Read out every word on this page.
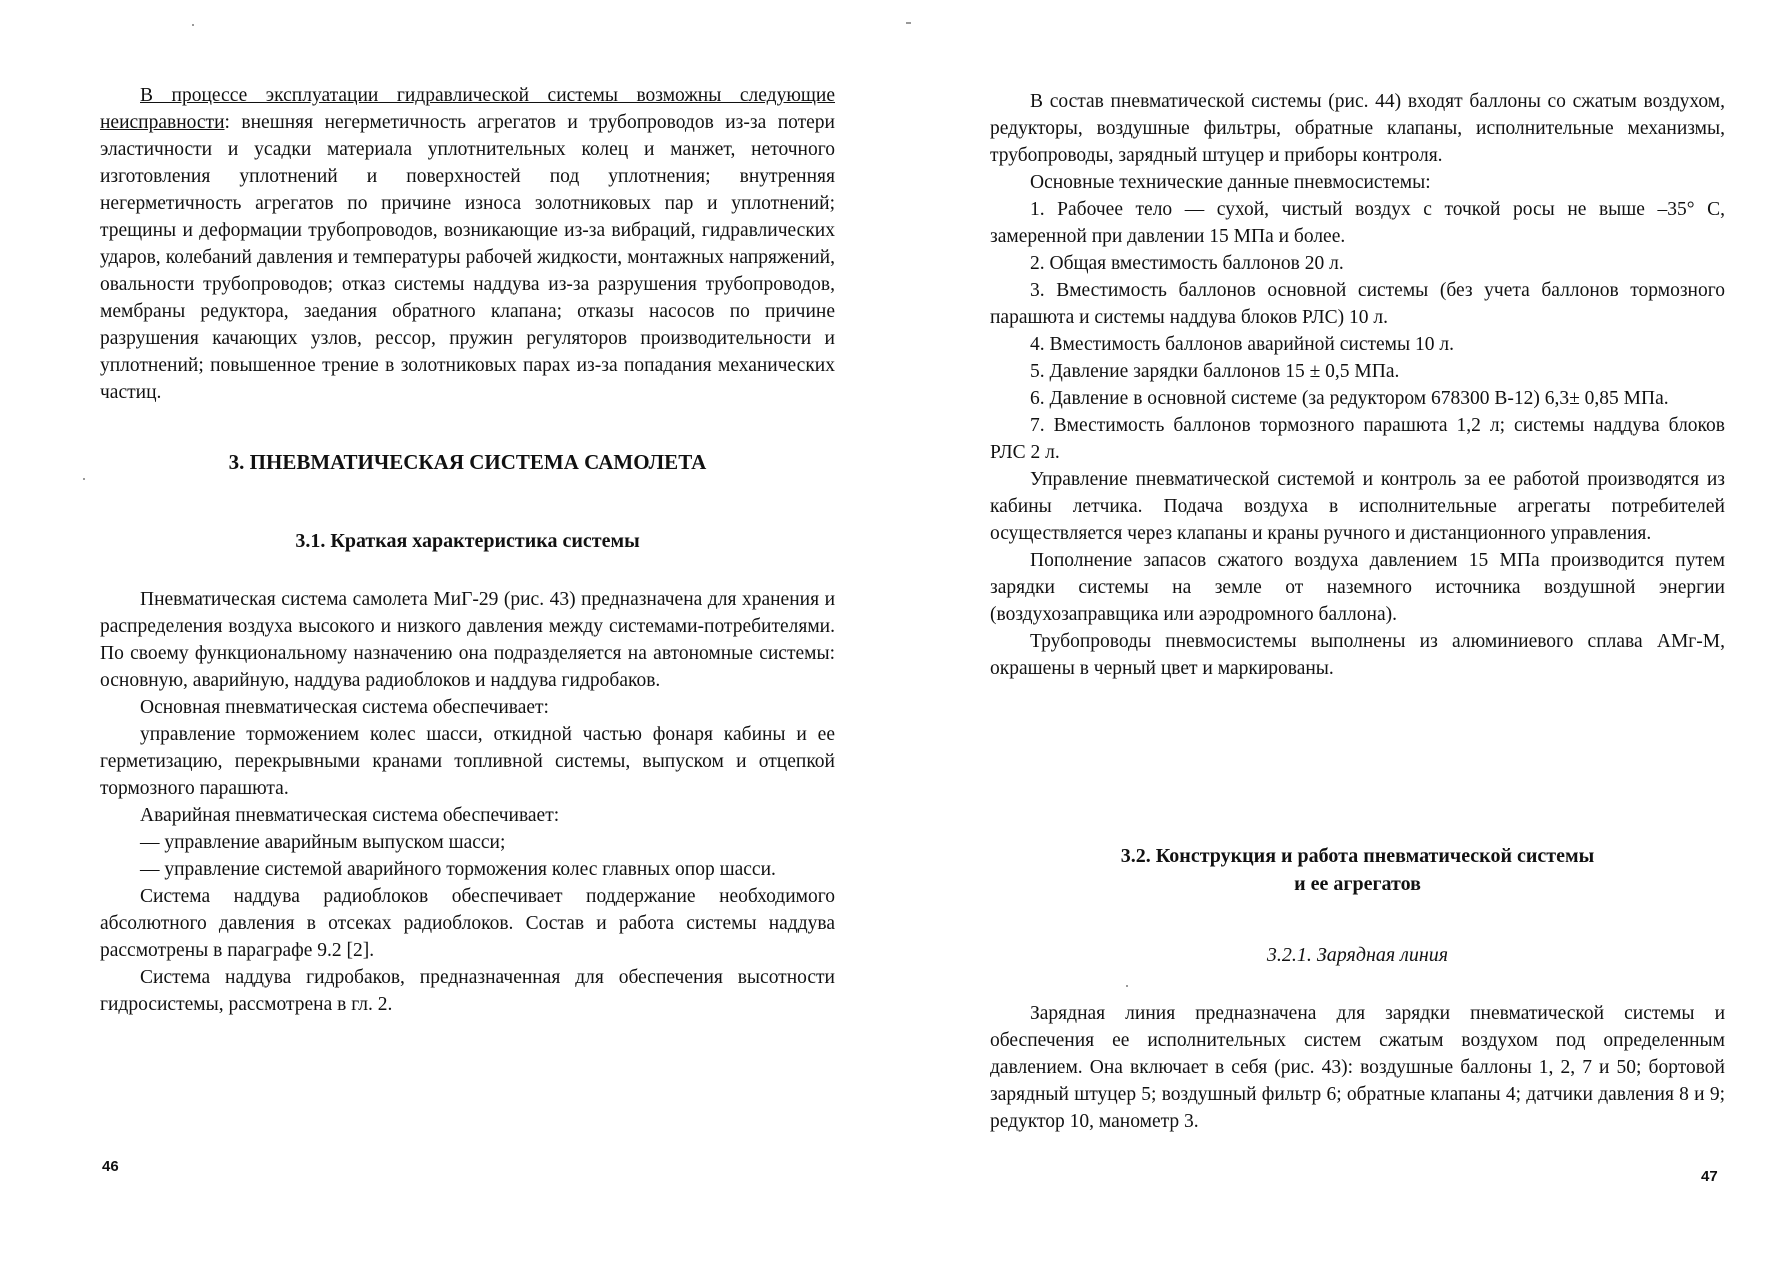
В процессе эксплуатации гидравлической системы возможны следующие неисправности: внешняя негерметичность агрегатов и трубопроводов из-за потери эластичности и усадки материала уплотнительных колец и манжет, неточного изготовления уплотнений и поверхностей под уплотнения; внутренняя негерметичность агрегатов по причине износа золотниковых пар и уплотнений; трещины и деформации трубопроводов, возникающие из-за вибраций, гидравлических ударов, колебаний давления и температуры рабочей жидкости, монтажных напряжений, овальности трубопроводов; отказ системы наддува из-за разрушения трубопроводов, мембраны редуктора, заедания обратного клапана; отказы насосов по причине разрушения качающих узлов, рессор, пружин регуляторов производительности и уплотнений; повышенное трение в золотниковых парах из-за попадания механических частиц.

3. ПНЕВМАТИЧЕСКАЯ СИСТЕМА САМОЛЕТА
3.1. Краткая характеристика системы

Пневматическая система самолета МиГ-29 (рис. 43) предназначена для хранения и распределения воздуха высокого и низкого давления между системами-потребителями. По своему функциональному назначению она подразделяется на автономные системы: основную, аварийную, наддува радиоблоков и наддува гидробаков.

Основная пневматическая система обеспечивает:

управление торможением колес шасси, откидной частью фонаря кабины и ее герметизацию, перекрывными кранами топливной системы, выпуском и отцепкой тормозного парашюта.

Аварийная пневматическая система обеспечивает:

— управление аварийным выпуском шасси;

— управление системой аварийного торможения колес главных опор шасси.

Система наддува радиоблоков обеспечивает поддержание необходимого абсолютного давления в отсеках радиоблоков. Состав и работа системы наддува рассмотрены в параграфе 9.2 [2].

Система наддува гидробаков, предназначенная для обеспечения высотности гидросистемы, рассмотрена в гл. 2.

46

В состав пневматической системы (рис. 44) входят баллоны со сжатым воздухом, редукторы, воздушные фильтры, обратные клапаны, исполнительные механизмы, трубопроводы, зарядный штуцер и приборы контроля.

Основные технические данные пневмосистемы:

1. Рабочее тело — сухой, чистый воздух с точкой росы не выше –35° С, замеренной при давлении 15 МПа и более.

2. Общая вместимость баллонов 20 л.

3. Вместимость баллонов основной системы (без учета баллонов тормозного парашюта и системы наддува блоков РЛС) 10 л.

4. Вместимость баллонов аварийной системы 10 л.

5. Давление зарядки баллонов 15 ± 0,5 МПа.

6. Давление в основной системе (за редуктором 678300 В-12) 6,3± 0,85 МПа.

7. Вместимость баллонов тормозного парашюта 1,2 л; системы наддува блоков РЛС 2 л.

Управление пневматической системой и контроль за ее работой производятся из кабины летчика. Подача воздуха в исполнительные агрегаты потребителей осуществляется через клапаны и краны ручного и дистанционного управления.

Пополнение запасов сжатого воздуха давлением 15 МПа производится путем зарядки системы на земле от наземного источника воздушной энергии (воздухозаправщика или аэродромного баллона).

Трубопроводы пневмосистемы выполнены из алюминиевого сплава АМг-М, окрашены в черный цвет и маркированы.

3.2. Конструкция и работа пневматической системы
и ее агрегатов
3.2.1. Зарядная линия

Зарядная линия предназначена для зарядки пневматической системы и обеспечения ее исполнительных систем сжатым воздухом под определенным давлением. Она включает в себя (рис. 43): воздушные баллоны 1, 2, 7 и 50; бортовой зарядный штуцер 5; воздушный фильтр 6; обратные клапаны 4; датчики давления 8 и 9; редуктор 10, манометр 3.

47
